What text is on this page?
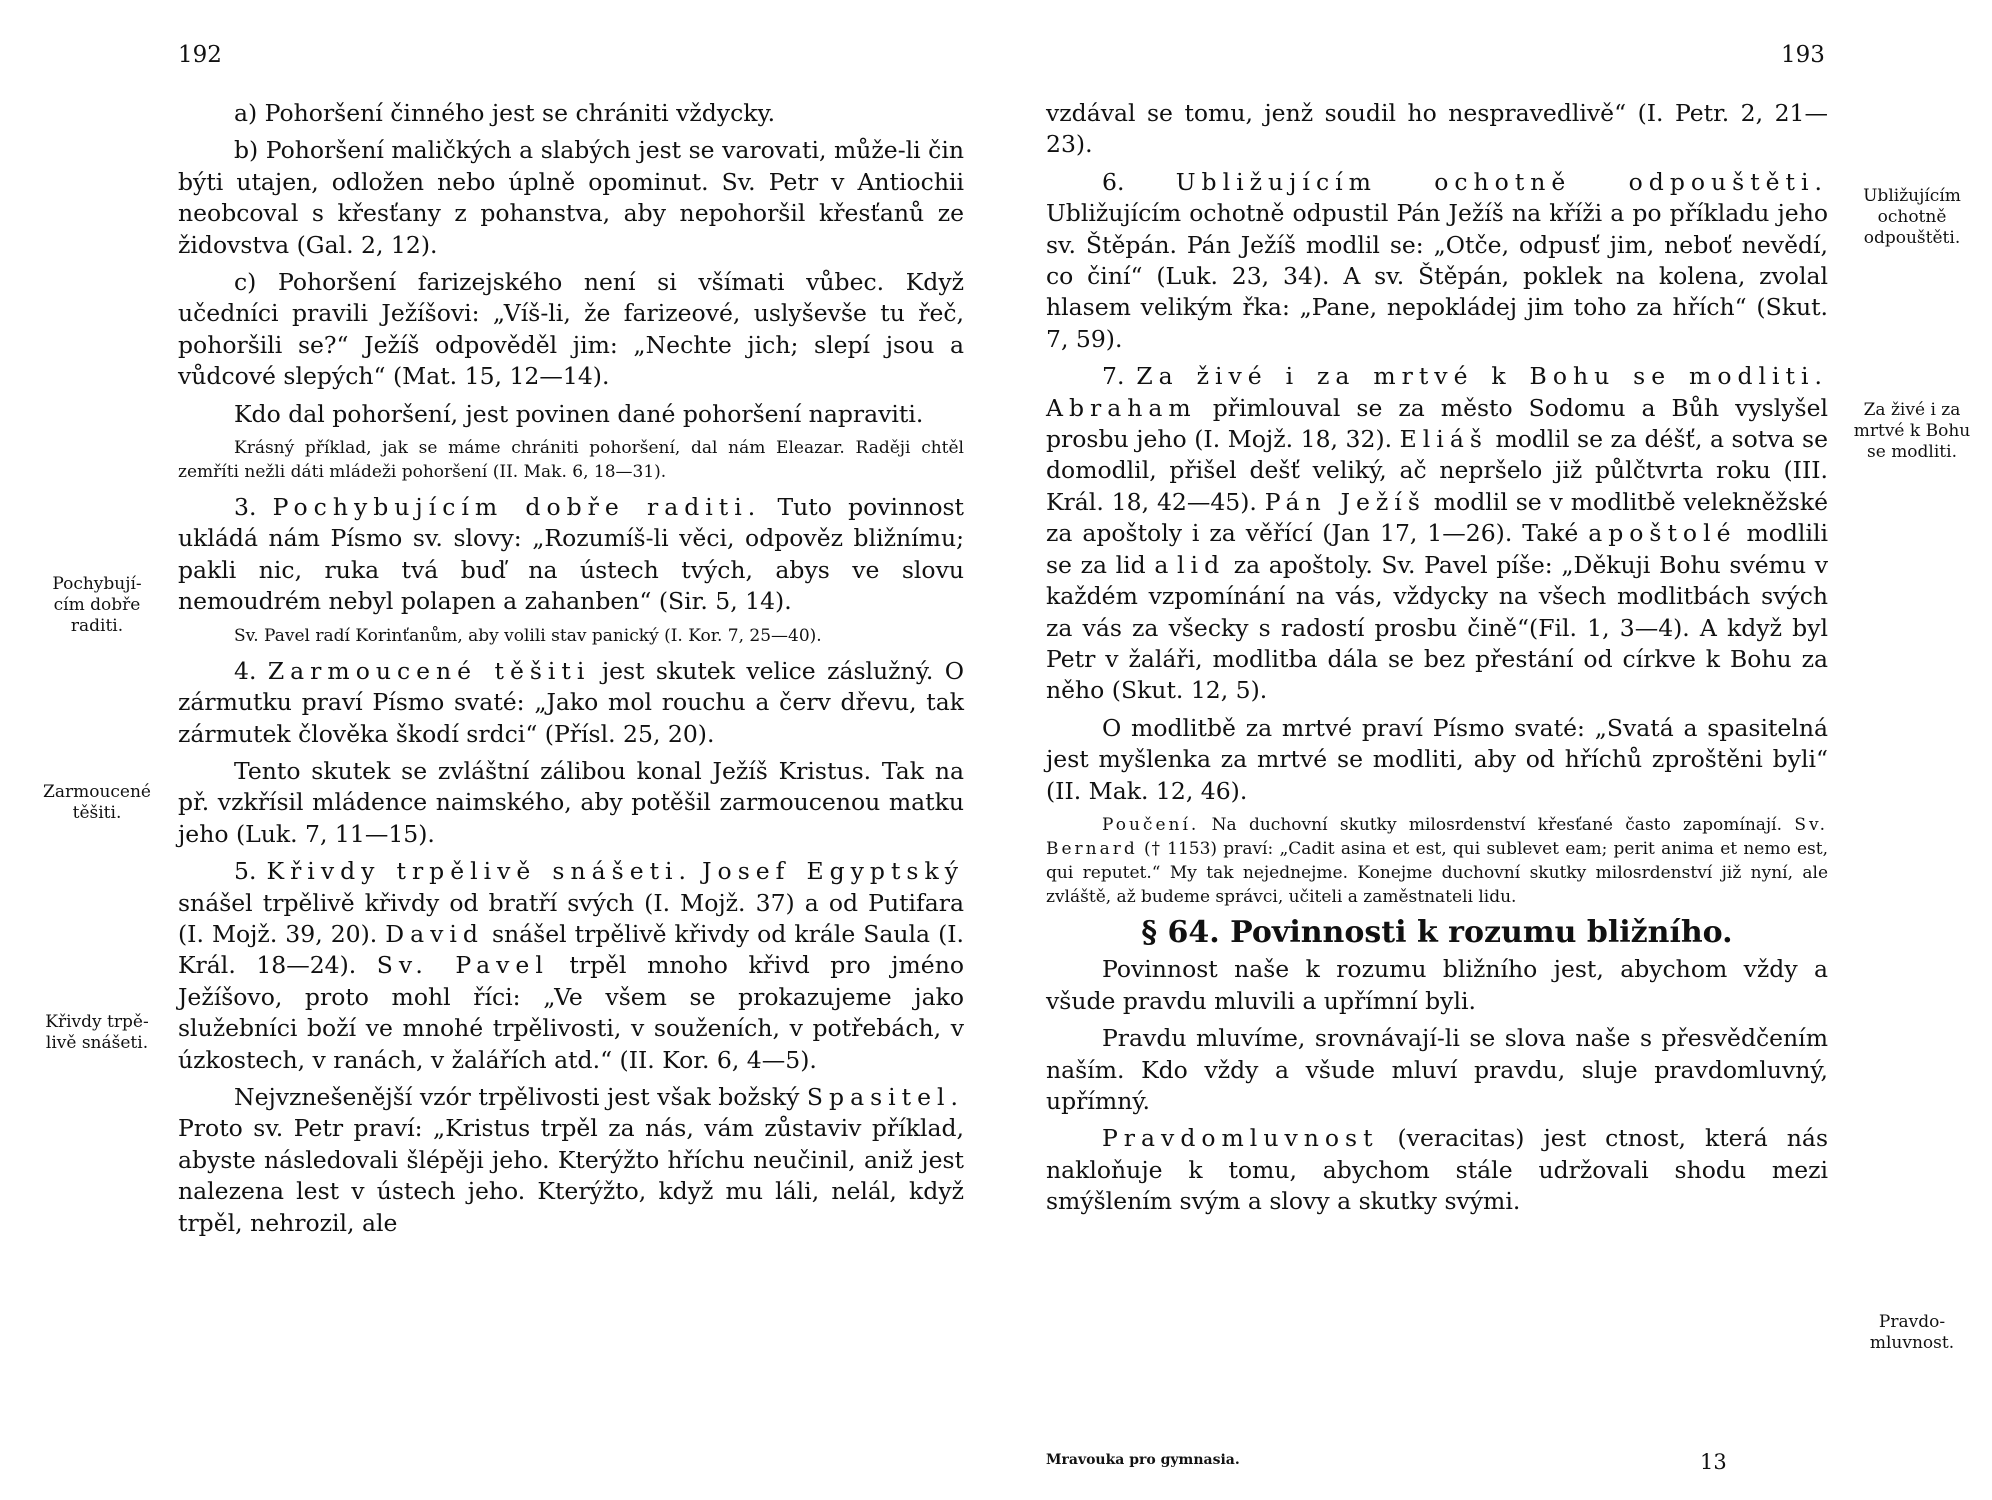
192
Pochybují-
cím dobře
raditi.
Zarmoucené
těšiti.
Křivdy trpě-
livě snášeti.

a) Pohoršení činného jest se chrániti vždycky.

b) Pohoršení maličkých a slabých jest se varovati, může-li čin býti utajen, odložen nebo úplně opominut. Sv. Petr v Antiochii neobcoval s křesťany z pohanstva, aby nepohoršil křesťanů ze židovstva (Gal. 2, 12).

c) Pohoršení farizejského není si všímati vůbec. Když učedníci pravili Ježíšovi: „Víš-li, že farizeové, uslyševše tu řeč, pohoršili se?“ Ježíš odpověděl jim: „Nechte jich; slepí jsou a vůdcové slepých“ (Mat. 15, 12—14).

Kdo dal pohoršení, jest povinen dané pohoršení napraviti.

Krásný příklad, jak se máme chrániti pohoršení, dal nám Eleazar. Raději chtěl zemříti nežli dáti mládeži pohoršení (II. Mak. 6, 18—31).

3. Pochybujícím dobře raditi. Tuto povinnost ukládá nám Písmo sv. slovy: „Rozumíš-li věci, odpověz bližnímu; pakli nic, ruka tvá buď na ústech tvých, abys ve slovu nemoudrém nebyl polapen a zahanben“ (Sir. 5, 14).

Sv. Pavel radí Korinťanům, aby volili stav panický (I. Kor. 7, 25—40).

4. Zarmoucené těšiti jest skutek velice záslužný. O zármutku praví Písmo svaté: „Jako mol rouchu a červ dřevu, tak zármutek člověka škodí srdci“ (Přísl. 25, 20).

Tento skutek se zvláštní zálibou konal Ježíš Kristus. Tak na př. vzkřísil mládence naimského, aby potěšil zarmoucenou matku jeho (Luk. 7, 11—15).

5. Křivdy trpělivě snášeti. Josef Egyptský snášel trpělivě křivdy od bratří svých (I. Mojž. 37) a od Putifara (I. Mojž. 39, 20). David snášel trpělivě křivdy od krále Saula (I. Král. 18—24). Sv. Pavel trpěl mnoho křivd pro jméno Ježíšovo, proto mohl říci: „Ve všem se prokazujeme jako služebníci boží ve mnohé trpělivosti, v souženích, v potřebách, v úzkostech, v ranách, v žalářích atd.“ (II. Kor. 6, 4—5).

Nejvznešenější vzór trpělivosti jest však božský Spasitel. Proto sv. Petr praví: „Kristus trpěl za nás, vám zůstaviv příklad, abyste následovali šlépěji jeho. Kterýžto hříchu neučinil, aniž jest nalezena lest v ústech jeho. Kterýžto, když mu láli, nelál, když trpěl, nehrozil, ale

193
Ubližujícím
ochotně
odpouštěti.
Za živé i za
mrtvé k Bohu
se modliti.
Pravdo-
mluvnost.

vzdával se tomu, jenž soudil ho nespravedlivě“ (I. Petr. 2, 21—23).

6. Ubližujícím ochotně odpouštěti. Ubližujícím ochotně odpustil Pán Ježíš na kříži a po příkladu jeho sv. Štěpán. Pán Ježíš modlil se: „Otče, odpusť jim, neboť nevědí, co činí“ (Luk. 23, 34). A sv. Štěpán, poklek na kolena, zvolal hlasem velikým řka: „Pane, nepokládej jim toho za hřích“ (Skut. 7, 59).

7. Za živé i za mrtvé k Bohu se modliti. Abraham přimlouval se za město Sodomu a Bůh vyslyšel prosbu jeho (I. Mojž. 18, 32). Eliáš modlil se za déšť, a sotva se domodlil, přišel dešť veliký, ač nepršelo již půlčtvrta roku (III. Král. 18, 42—45). Pán Ježíš modlil se v modlitbě velekněžské za apoštoly i za věřící (Jan 17, 1—26). Také apoštolé modlili se za lid a lid za apoštoly. Sv. Pavel píše: „Děkuji Bohu svému v každém vzpomínání na vás, vždycky na všech modlitbách svých za vás za všecky s radostí prosbu čině“(Fil. 1, 3—4). A když byl Petr v žaláři, modlitba dála se bez přestání od církve k Bohu za něho (Skut. 12, 5).

O modlitbě za mrtvé praví Písmo svaté: „Svatá a spasitelná jest myšlenka za mrtvé se modliti, aby od hříchů zproštěni byli“ (II. Mak. 12, 46).

Poučení. Na duchovní skutky milosrdenství křesťané často zapomínají. Sv. Bernard († 1153) praví: „Cadit asina et est, qui sublevet eam; perit anima et nemo est, qui reputet.“ My tak nejednejme. Konejme duchovní skutky milosrdenství již nyní, ale zvláště, až budeme správci, učiteli a zaměstnateli lidu.

§ 64. Povinnosti k rozumu bližního.

Povinnost naše k rozumu bližního jest, abychom vždy a všude pravdu mluvili a upřímní byli.

Pravdu mluvíme, srovnávají-li se slova naše s přesvědčením naším. Kdo vždy a všude mluví pravdu, sluje pravdomluvný, upřímný.

Pravdomluvnost (veracitas) jest ctnost, která nás nakloňuje k tomu, abychom stále udržovali shodu mezi smýšlením svým a slovy a skutky svými.

Mravouka pro gymnasia.	13
